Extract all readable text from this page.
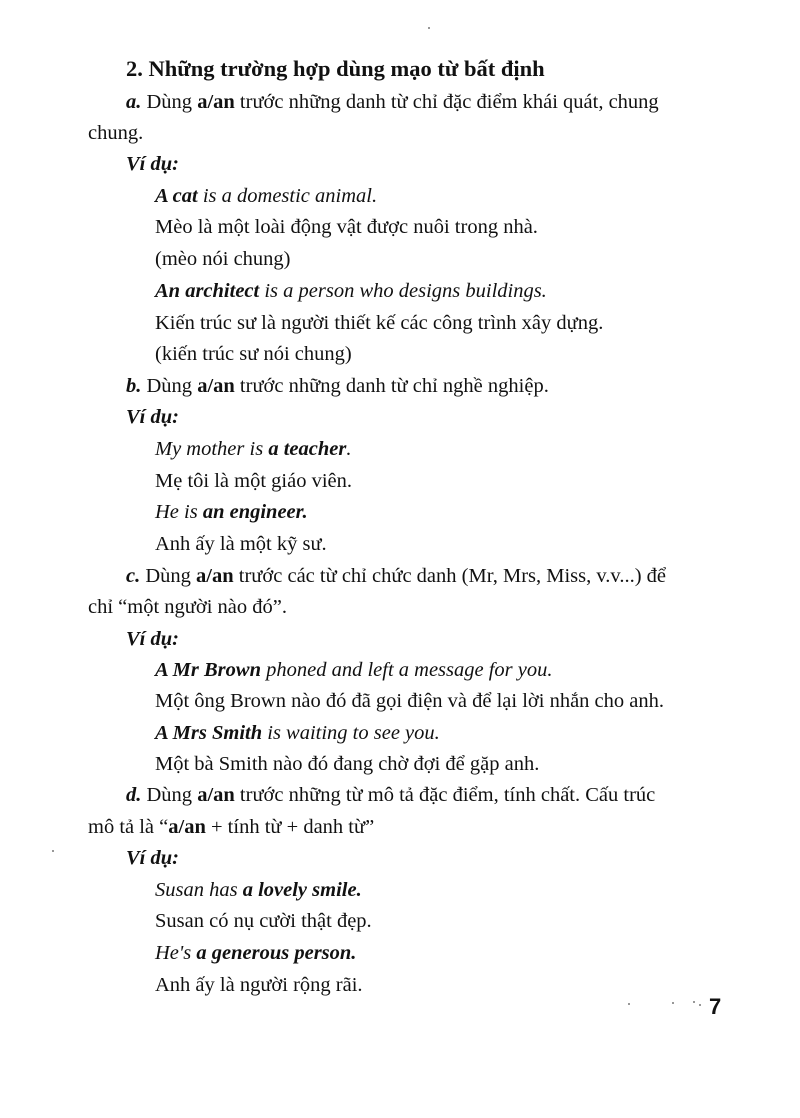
2. Những trường hợp dùng mạo từ bất định
a. Dùng a/an trước những danh từ chỉ đặc điểm khái quát, chung
chung.
Ví dụ:
A cat is a domestic animal.
Mèo là một loài động vật được nuôi trong nhà.
(mèo nói chung)
An architect is a person who designs buildings.
Kiến trúc sư là người thiết kế các công trình xây dựng.
(kiến trúc sư nói chung)
b. Dùng a/an trước những danh từ chỉ nghề nghiệp.
Ví dụ:
My mother is a teacher.
Mẹ tôi là một giáo viên.
He is an engineer.
Anh ấy là một kỹ sư.
c. Dùng a/an trước các từ chỉ chức danh (Mr, Mrs, Miss, v.v...) để
chỉ “một người nào đó”.
Ví dụ:
A Mr Brown phoned and left a message for you.
Một ông Brown nào đó đã gọi điện và để lại lời nhắn cho anh.
A Mrs Smith is waiting to see you.
Một bà Smith nào đó đang chờ đợi để gặp anh.
d. Dùng a/an trước những từ mô tả đặc điểm, tính chất. Cấu trúc
mô tả là “a/an + tính từ + danh từ”
Ví dụ:
Susan has a lovely smile.
Susan có nụ cười thật đẹp.
He's a generous person.
Anh ấy là người rộng rãi.
7
